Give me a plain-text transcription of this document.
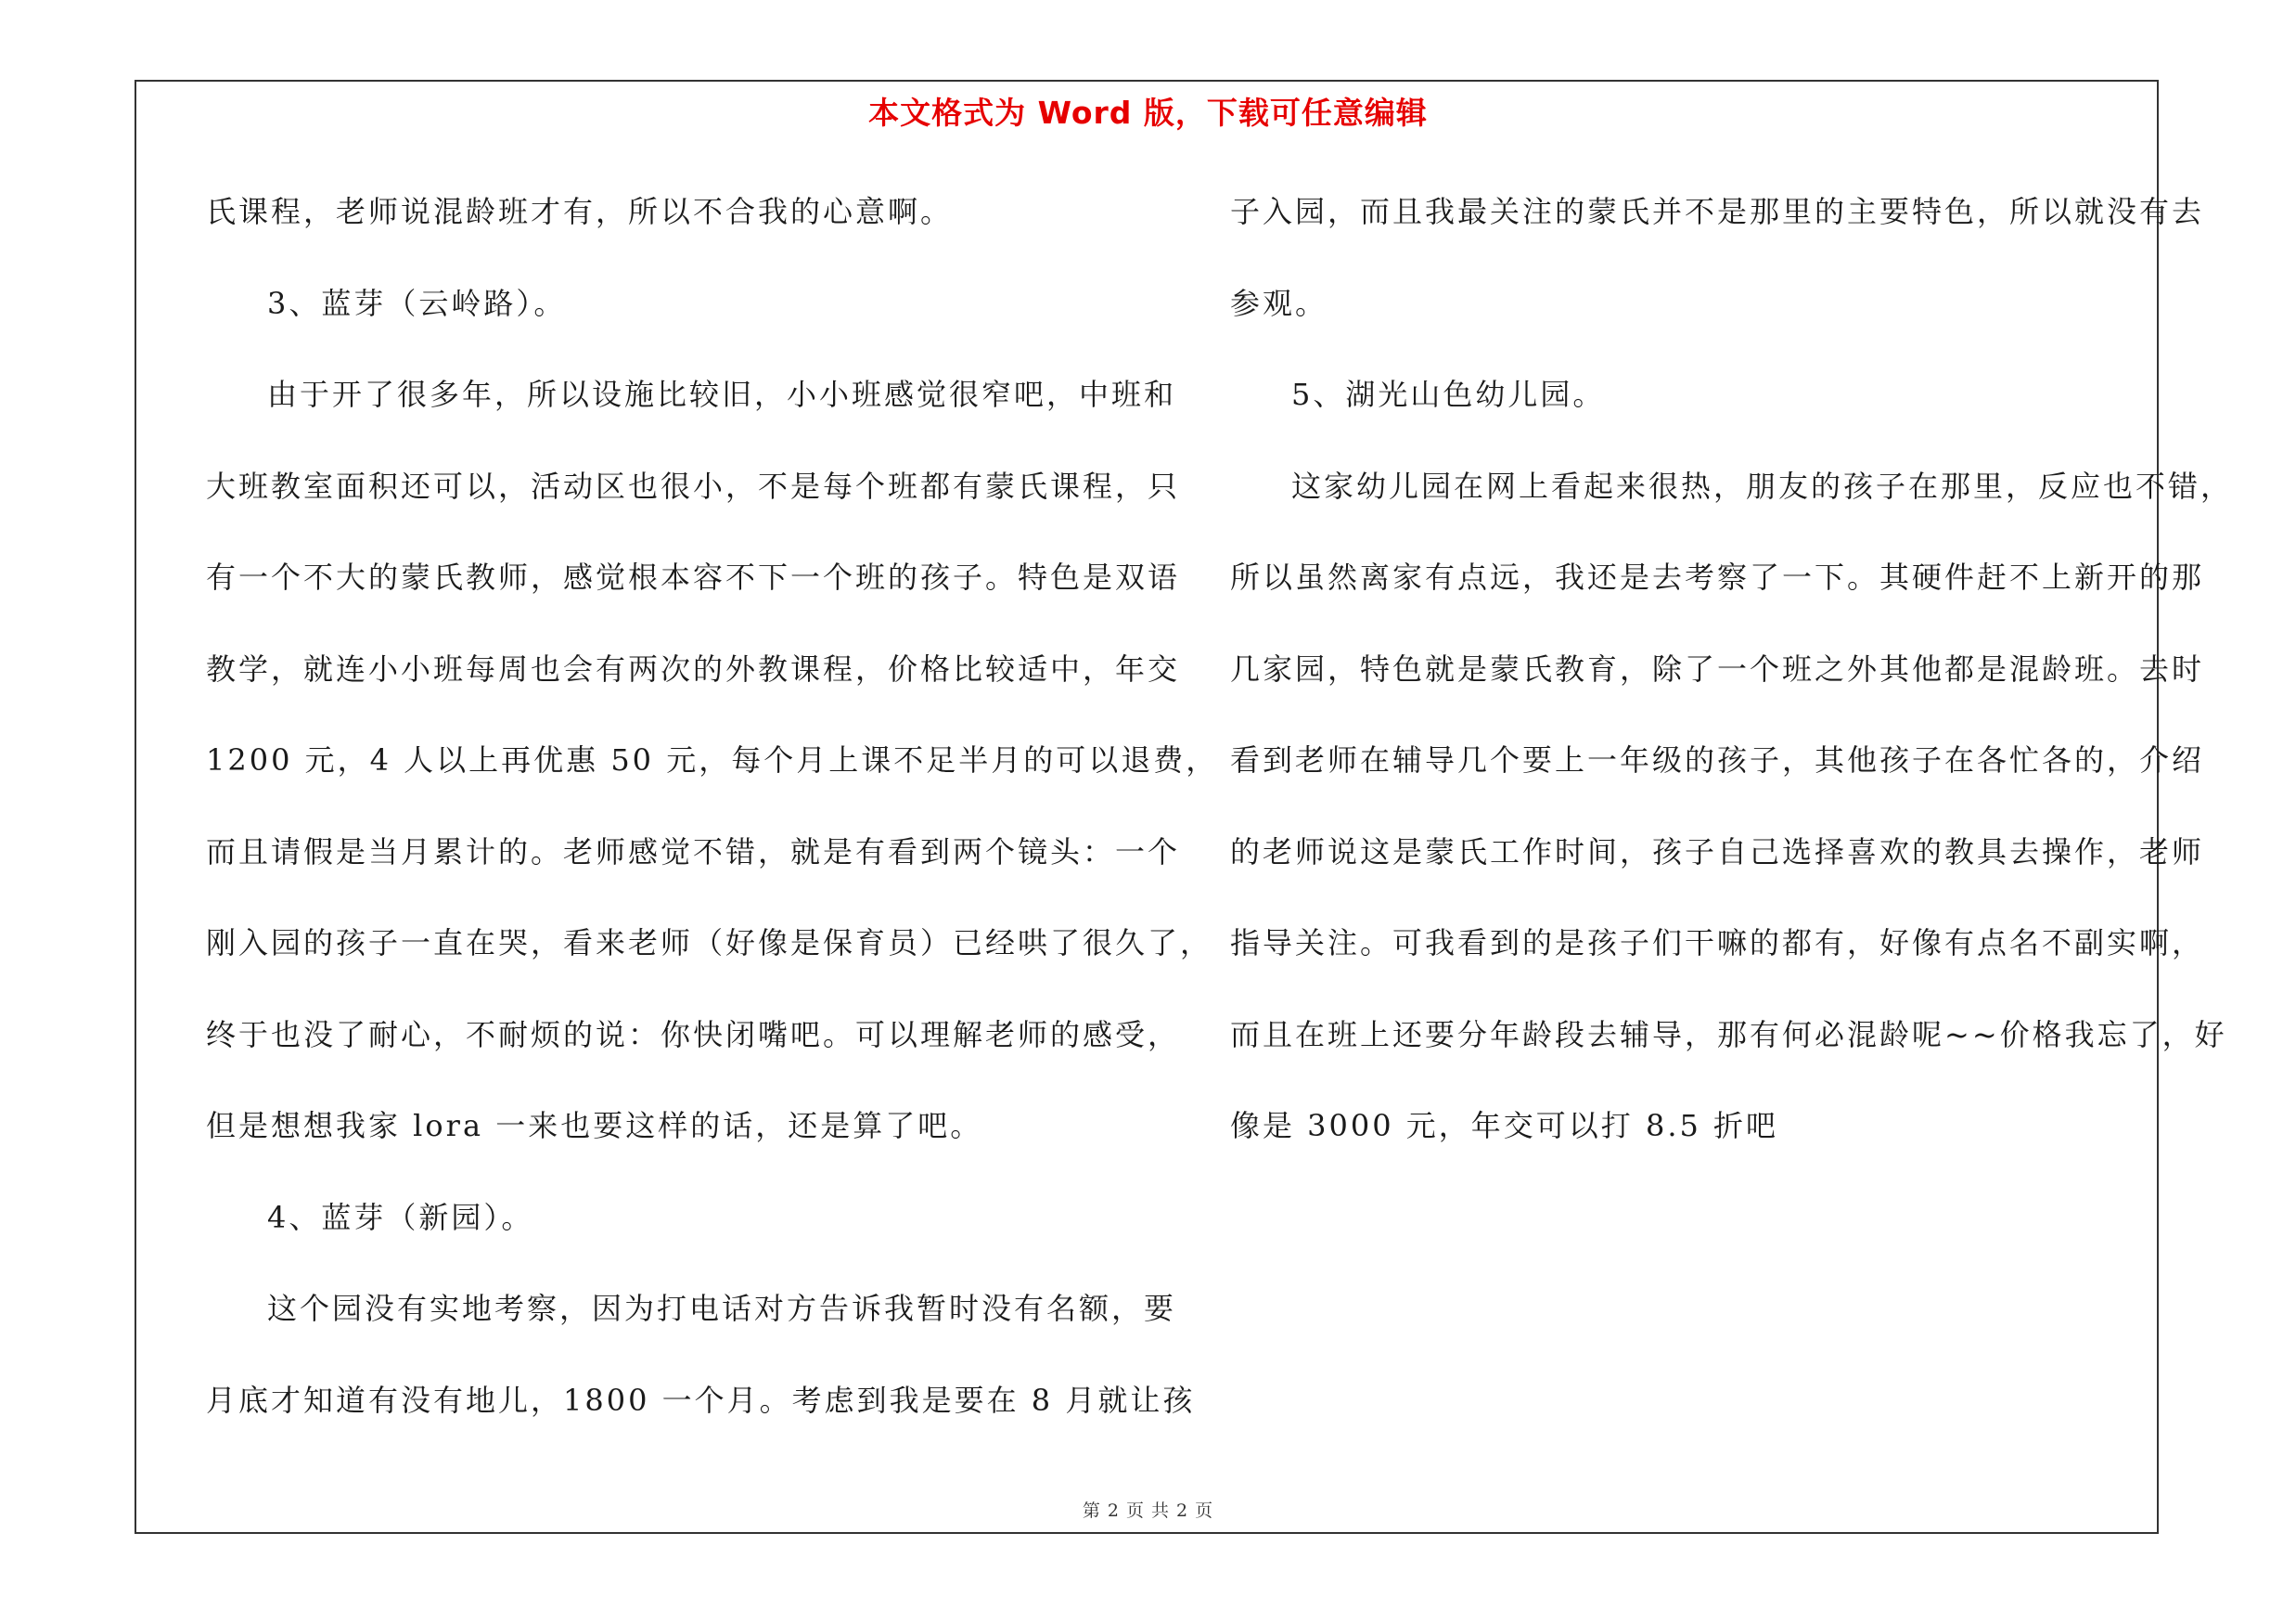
本文格式为 Word 版，下载可任意编辑
氏课程，老师说混龄班才有，所以不合我的心意啊。
3、蓝芽（云岭路）。
由于开了很多年，所以设施比较旧，小小班感觉很窄吧，中班和
大班教室面积还可以，活动区也很小，不是每个班都有蒙氏课程，只
有一个不大的蒙氏教师，感觉根本容不下一个班的孩子。特色是双语
教学，就连小小班每周也会有两次的外教课程，价格比较适中，年交
1200 元，4 人以上再优惠 50 元，每个月上课不足半月的可以退费，
而且请假是当月累计的。老师感觉不错，就是有看到两个镜头：一个
刚入园的孩子一直在哭，看来老师（好像是保育员）已经哄了很久了，
终于也没了耐心，不耐烦的说：你快闭嘴吧。可以理解老师的感受，
但是想想我家 lora 一来也要这样的话，还是算了吧。
4、蓝芽（新园）。
这个园没有实地考察，因为打电话对方告诉我暂时没有名额，要
月底才知道有没有地儿，1800 一个月。考虑到我是要在 8 月就让孩
子入园，而且我最关注的蒙氏并不是那里的主要特色，所以就没有去
参观。
5、湖光山色幼儿园。
这家幼儿园在网上看起来很热，朋友的孩子在那里，反应也不错，
所以虽然离家有点远，我还是去考察了一下。其硬件赶不上新开的那
几家园，特色就是蒙氏教育，除了一个班之外其他都是混龄班。去时
看到老师在辅导几个要上一年级的孩子，其他孩子在各忙各的，介绍
的老师说这是蒙氏工作时间，孩子自己选择喜欢的教具去操作，老师
指导关注。可我看到的是孩子们干嘛的都有，好像有点名不副实啊，
而且在班上还要分年龄段去辅导，那有何必混龄呢~~价格我忘了，好
像是 3000 元，年交可以打 8.5 折吧
第 2 页 共 2 页
